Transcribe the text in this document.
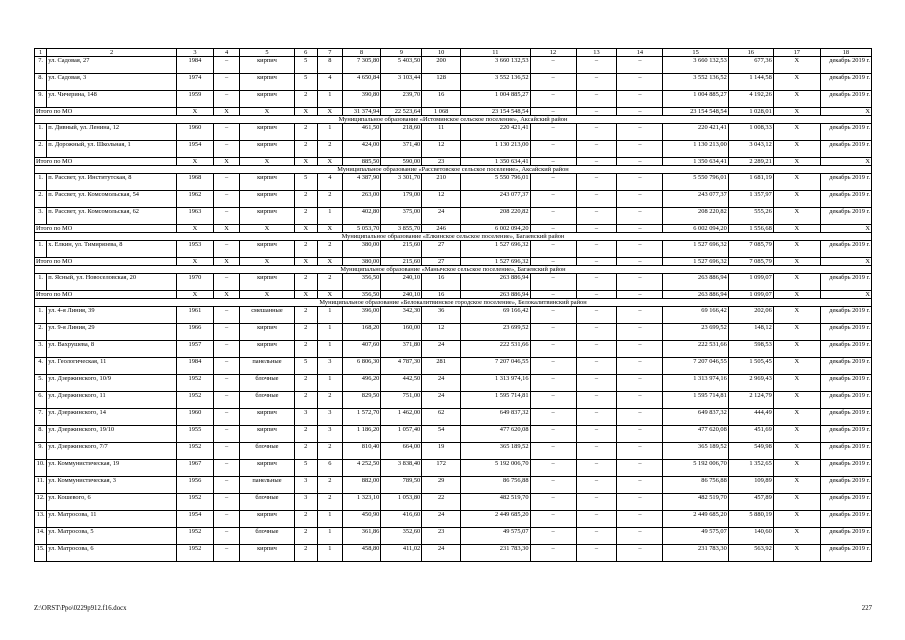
1	2	3	4	5	6	7	8	9	10	11	12	13	14	15	16	17	18
7.	ул. Садовая, 27	1984	–	кирпич	5	8	7 305,80	5 403,50	200	3 660 132,53	–	–	–	3 660 132,53	677,36	Х	декабрь 2019 г.
8.	ул. Садовая, 3	1974	–	кирпич	5	4	4 650,84	3 103,44	128	3 552 136,52	–	–	–	3 552 136,52	1 144,58	Х	декабрь 2019 г.
9.	ул. Чичерина, 148	1959	–	кирпич	2	1	390,80	239,70	16	1 004 885,27	–	–	–	1 004 885,27	4 192,26	Х	декабрь 2019 г.
Итого по МО		Х	Х	Х	Х	Х	31 374,94	22 523,64	1 068	23 154 548,54	–	–	–	23 154 548,54	1 028,01	Х	Х
Муниципальное образование «Истоминское сельское поселение», Аксайский район																	
1.	п. Дивный, ул. Ленина, 12	1960	–	кирпич	2	1	461,50	218,60	11	220 421,41	–	–	–	220 421,41	1 008,33	Х	декабрь 2019 г.
2.	п. Дорожный, ул. Школьная, 1	1954	–	кирпич	2	2	424,00	371,40	12	1 130 213,00	–	–	–	1 130 213,00	3 043,12	Х	декабрь 2019 г.
Итого по МО		Х	Х	Х	Х	Х	885,50	590,00	23	1 350 634,41	–	–	–	1 350 634,41	2 289,21	Х	Х
Муниципальное образование «Рассветовское сельское поселение», Аксайский район																	
1.	п. Рассвет, ул. Институтская, 8	1968	–	кирпич	5	4	4 387,90	3 301,70	210	5 550 796,01	–	–	–	5 550 796,01	1 681,19	Х	декабрь 2019 г.
2.	п. Рассвет, ул. Комсомольская, 54	1962	–	кирпич	2	2	263,00	179,00	12	243 077,37	–	–	–	243 077,37	1 357,97	Х	декабрь 2019 г.
3.	п. Рассвет, ул. Комсомольская, 62	1963	–	кирпич	2	1	402,80	375,00	24	208 220,82	–	–	–	208 220,82	555,26	Х	декабрь 2019 г.
Итого по МО		Х	Х	Х	Х	Х	5 053,70	3 855,70	246	6 002 094,20	–	–	–	6 002 094,20	1 556,68	Х	Х
Муниципальное образование «Елкинское сельское поселение», Багаевский район																	
1.	х. Елкин, ул. Тимирязева, 8	1953	–	кирпич	2	2	380,00	215,60	27	1 527 696,32	–	–	–	1 527 696,32	7 085,79	Х	декабрь 2019 г.
Итого по МО		Х	Х	Х	Х	Х	380,00	215,60	27	1 527 696,32	–	–	–	1 527 696,32	7 085,79	Х	Х
Муниципальное образование «Манычское сельское поселение», Багаевский район																	
1.	п. Ясный, ул. Новоселовская, 20	1970	–	кирпич	2	2	356,50	240,10	16	263 886,94	–	–	–	263 886,94	1 099,07	Х	декабрь 2019 г.
Итого по МО		Х	Х	Х	Х	Х	356,50	240,10	16	263 886,94	–	–	–	263 886,94	1 099,07	Х	Х
Муниципальное образование «Белокалитвинское городское поселение», Белокалитвинский район																	
1.	ул. 4-я Линия, 39	1961	–	смешанные	2	1	396,00	342,30	36	69 166,42	–	–	–	69 166,42	202,06	Х	декабрь 2019 г.
2.	ул. 9-я Линия, 29	1966	–	кирпич	2	1	168,20	160,00	12	23 699,52	–	–	–	23 699,52	148,12	Х	декабрь 2019 г.
3.	ул. Вахрушева, 8	1957	–	кирпич	2	1	407,60	371,80	24	222 531,66	–	–	–	222 531,66	598,53	Х	декабрь 2019 г.
4.	ул. Геологическая, 11	1984	–	панельные	5	3	6 806,30	4 787,30	281	7 207 046,55	–	–	–	7 207 046,55	1 505,45	Х	декабрь 2019 г.
5.	ул. Дзержинского, 10/9	1952	–	блочные	2	1	496,20	442,50	24	1 313 974,16	–	–	–	1 313 974,16	2 969,43	Х	декабрь 2019 г.
6.	ул. Дзержинского, 11	1952	–	блочные	2	2	829,50	751,00	24	1 595 714,81	–	–	–	1 595 714,81	2 124,79	Х	декабрь 2019 г.
7.	ул. Дзержинского, 14	1960	–	кирпич	3	3	1 572,70	1 462,00	62	649 837,32	–	–	–	649 837,32	444,49	Х	декабрь 2019 г.
8.	ул. Дзержинского, 19/10	1955	–	кирпич	2	3	1 186,20	1 057,40	54	477 620,08	–	–	–	477 620,08	451,69	Х	декабрь 2019 г.
9.	ул. Дзержинского, 7/7	1952	–	блочные	2	2	810,40	664,00	19	365 189,52	–	–	–	365 189,52	549,98	Х	декабрь 2019 г.
10.	ул. Коммунистическая, 19	1967	–	кирпич	5	6	4 252,50	3 838,40	172	5 192 006,70	–	–	–	5 192 006,70	1 352,65	Х	декабрь 2019 г.
11.	ул. Коммунистическая, 3	1956	–	панельные	3	2	882,00	789,50	29	86 756,88	–	–	–	86 756,88	109,89	Х	декабрь 2019 г.
12.	ул. Кошевого, 6	1952	–	блочные	3	2	1 323,10	1 053,80	22	482 519,70	–	–	–	482 519,70	457,89	Х	декабрь 2019 г.
13.	ул. Матросова, 11	1954	–	кирпич	2	1	450,90	416,60	24	2 449 685,20	–	–	–	2 449 685,20	5 880,19	Х	декабрь 2019 г.
14.	ул. Матросова, 5	1952	–	блочные	2	1	361,86	352,60	23	49 575,07	–	–	–	49 575,07	140,60	Х	декабрь 2019 г.
15.	ул. Матросова, 6	1952	–	кирпич	2	1	458,80	411,02	24	231 783,30	–	–	–	231 783,30	563,92	Х	декабрь 2019 г.
Z:\ORST\Ppo\0229p912.f16.docx	227
